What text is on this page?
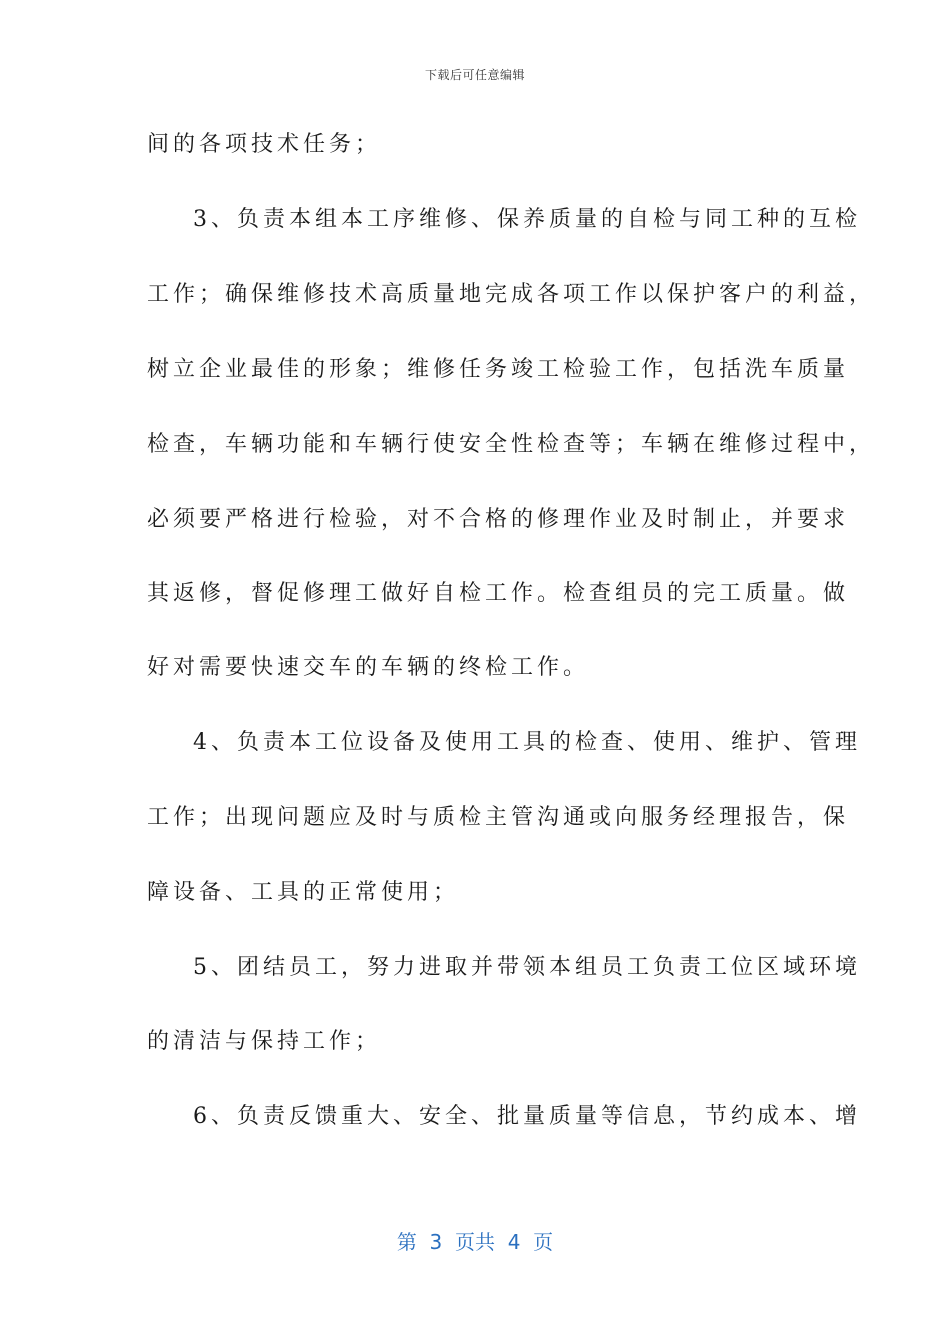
下载后可任意编辑
间的各项技术任务；
3、负责本组本工序维修、保养质量的自检与同工种的互检
工作；确保维修技术高质量地完成各项工作以保护客户的利益，
树立企业最佳的形象；维修任务竣工检验工作，包括洗车质量
检查，车辆功能和车辆行使安全性检查等；车辆在维修过程中，
必须要严格进行检验，对不合格的修理作业及时制止，并要求
其返修，督促修理工做好自检工作。检查组员的完工质量。做
好对需要快速交车的车辆的终检工作。
4、负责本工位设备及使用工具的检查、使用、维护、管理
工作；出现问题应及时与质检主管沟通或向服务经理报告，保
障设备、工具的正常使用；
5、团结员工，努力进取并带领本组员工负责工位区域环境
的清洁与保持工作；
6、负责反馈重大、安全、批量质量等信息，节约成本、增
第  3  页共  4  页
